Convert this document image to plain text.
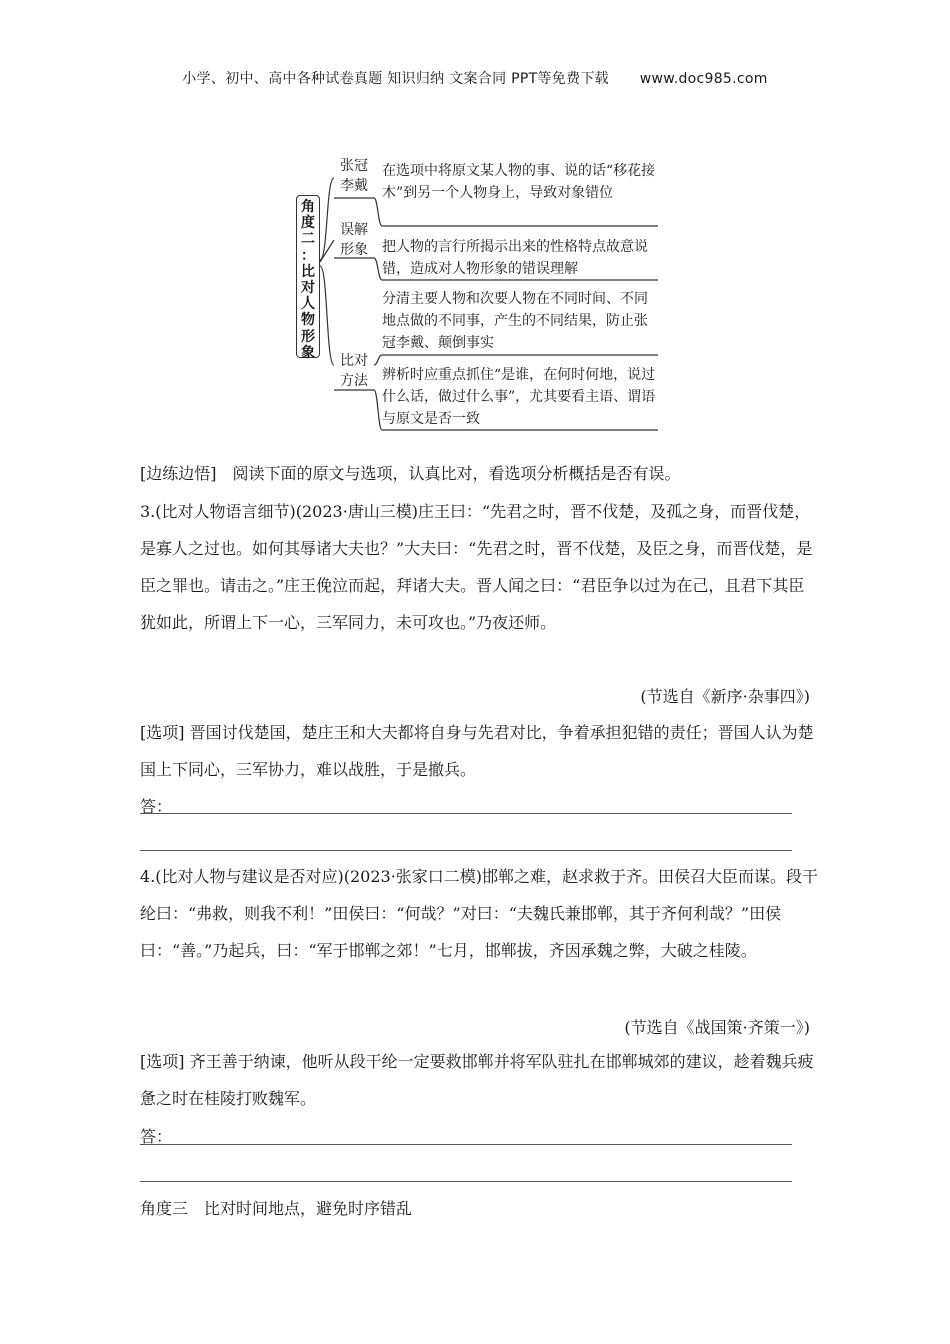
小学、初中、高中各种试卷真题 知识归纳 文案合同 PPT等免费下载 www.doc985.com
角
度
二
：
比
对
人
物
形
象
张冠
李戴
误解
形象
比对
方法
在选项中将原文某人物的事、说的话“移花接木”到另一个人物身上，导致对象错位
把人物的言行所揭示出来的性格特点故意说错，造成对人物形象的错误理解
分清主要人物和次要人物在不同时间、不同地点做的不同事，产生的不同结果，防止张冠李戴、颠倒事实
辨析时应重点抓住“是谁，在何时何地，说过什么话，做过什么事”，尤其要看主语、谓语与原文是否一致
[边练边悟]　阅读下面的原文与选项，认真比对，看选项分析概括是否有误。
3.(比对人物语言细节)(2023·唐山三模)庄王曰：“先君之时，晋不伐楚，及孤之身，而晋伐楚，是寡人之过也。如何其辱诸大夫也？”大夫曰：“先君之时，晋不伐楚，及臣之身，而晋伐楚，是臣之罪也。请击之。”庄王俛泣而起，拜诸大夫。晋人闻之曰：“君臣争以过为在己，且君下其臣犹如此，所谓上下一心，三军同力，未可攻也。”乃夜还师。
(节选自《新序·杂事四》)
[选项] 晋国讨伐楚国，楚庄王和大夫都将自身与先君对比，争着承担犯错的责任；晋国人认为楚国上下同心，三军协力，难以战胜，于是撤兵。
答：
4.(比对人物与建议是否对应)(2023·张家口二模)邯郸之难，赵求救于齐。田侯召大臣而谋。段干纶曰：“弗救，则我不利！”田侯曰：“何哉？”对曰：“夫魏氏兼邯郸，其于齐何利哉？”田侯曰：“善。”乃起兵，曰：“军于邯郸之郊！”七月，邯郸拔，齐因承魏之弊，大破之桂陵。
(节选自《战国策·齐策一》)
[选项] 齐王善于纳谏，他听从段干纶一定要救邯郸并将军队驻扎在邯郸城郊的建议，趁着魏兵疲惫之时在桂陵打败魏军。
答：
角度三　比对时间地点，避免时序错乱
